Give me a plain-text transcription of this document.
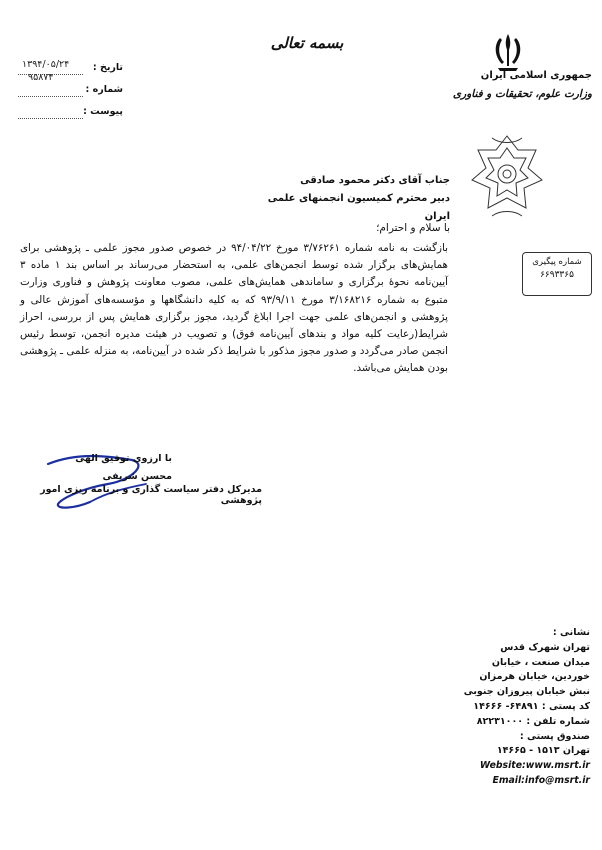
بسمه تعالی
جمهوری اسلامی ایران
وزارت علوم، تحقیقات و فناوری
تاریخ :
۱۳۹۴/۰۵/۲۴
شماره :
۹۵۸۷۴
پیوست :
جناب آقای دکتر محمود صادقی
دبیر محترم کمیسیون انجمنهای علمی ایران
شماره پیگیری
۶۶۹۳۳۶۵
با سلام و احترام؛
بازگشت به نامه شماره ۳/۷۶۲۶۱ مورخ ۹۴/۰۴/۲۲ در خصوص صدور مجوز علمی ـ پژوهشی برای همایش‌های برگزار شده توسط انجمن‌های علمی، به استحضار می‌رساند بر اساس بند ۱ ماده ۳ آیین‌نامه نحوهٔ برگزاری و ساماندهی همایش‌های علمی، مصوب معاونت پژوهش و فناوری وزارت متبوع به شماره ۳/۱۶۸۲۱۶ مورخ ۹۳/۹/۱۱ که به کلیه دانشگاهها و مؤسسه‌های آموزش عالی و پژوهشی و انجمن‌های علمی جهت اجرا ابلاغ گردید، مجوز برگزاری همایش پس از بررسی، احراز شرایط(رعایت کلیه مواد و بندهای آیین‌نامه فوق) و تصویب در هیئت مدیره انجمن، توسط رئیس انجمن صادر می‌گردد و صدور مجوز مذکور با شرایط ذکر شده در آیین‌نامه، به منزله علمی ـ پژوهشی بودن همایش می‌باشد.
با ارزوی توفیق الهی
محسن شریفی
مدیرکل دفتر سیاست گذاری و برنامه ریزی امور پژوهشی
نشانی :
تهران شهرک قدس
میدان صنعت ، خیابان
خوردین، خیابان هرمزان
نبش خیابان پیروزان جنوبی
کد پستی : ۶۴۸۹۱- ۱۴۶۶۶
شماره تلفن : ۸۲۲۳۱۰۰۰
صندوق پستی :
تهران ۱۵۱۳ - ۱۴۶۶۵
Website:www.msrt.ir
Email:info@msrt.ir
